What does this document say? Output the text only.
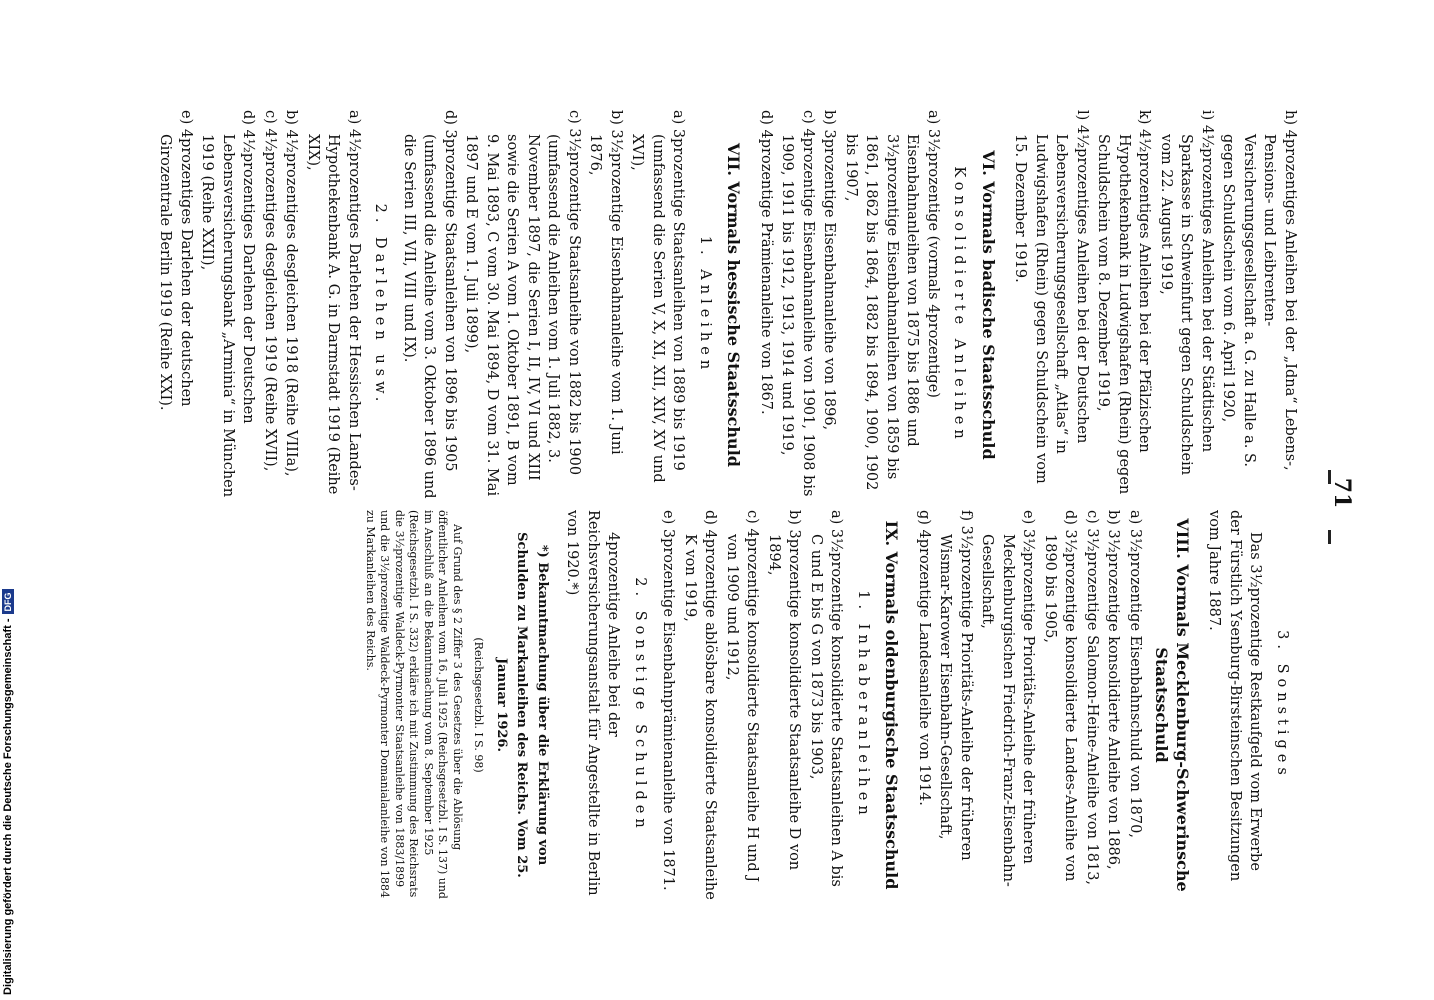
71

h) 4prozentiges Anleihen bei der „Idna“ Lebens-, Pensions- und Leibrenten-Versicherungsgesellschaft a. G. zu Halle a. S. gegen Schuldschein vom 6. April 1920,

i) 4½prozentiges Anleihen bei der Städtischen Sparkasse in Schweinfurt gegen Schuldschein vom 22. August 1919,

k) 4½prozentiges Anleihen bei der Pfälzischen Hypothekenbank in Ludwigshafen (Rhein) gegen Schuldschein vom 8. Dezember 1919,

l) 4½prozentiges Anleihen bei der Deutschen Lebensversicherungsgesellschaft „Atlas“ in Ludwigshafen (Rhein) gegen Schuldschein vom 15. Dezember 1919.

VI. Vormals badische Staatsschuld
Konsolidierte Anleihen

a) 3½prozentige (vormals 4prozentige) Eisenbahnanleihen von 1875 bis 1886 und 3½prozentige Eisenbahnanleihen von 1859 bis 1861, 1862 bis 1864, 1882 bis 1894, 1900, 1902 bis 1907,

b) 3prozentige Eisenbahnanleihe von 1896,

c) 4prozentige Eisenbahnanleihe von 1901, 1908 bis 1909, 1911 bis 1912, 1913, 1914 und 1919,

d) 4prozentige Prämienanleihe von 1867.

VII. Vormals hessische Staatsschuld
1. Anleihen

a) 3prozentige Staatsanleihen von 1889 bis 1919 (umfassend die Serien V, X, XI, XII, XIV, XV und XVI),

b) 3½prozentige Eisenbahnanleihe vom 1. Juni 1876,

c) 3½prozentige Staatsanleihe von 1882 bis 1900 (umfassend die Anleihen vom 1. Juli 1882, 3. November 1897, die Serien I, II, IV, VI und XIII sowie die Serien A vom 1. Oktober 1891, B vom 9. Mai 1893, C vom 30. Mai 1894, D vom 31. Mai 1897 und E vom 1. Juli 1899),

d) 3prozentige Staatsanleihen von 1896 bis 1905 (umfassend die Anleihe vom 3. Oktober 1896 und die Serien III, VII, VIII und IX).

2. Darlehen usw.

a) 4½prozentiges Darlehen der Hessischen Landes-Hypothekenbank A. G. in Darmstadt 1919 (Reihe XIX),

b) 4½prozentiges desgleichen 1918 (Reihe VIIIa),

c) 4½prozentiges desgleichen 1919 (Reihe XVII),

d) 4½prozentiges Darlehen der Deutschen Lebensversicherungsbank „Arminia“ in München 1919 (Reihe XXII),

e) 4prozentiges Darlehen der deutschen Girozentrale Berlin 1919 (Reihe XXI).

3. Sonstiges

Das 3½prozentige Restkaufgeld vom Erwerbe der Fürstlich Ysenburg-Birsteinschen Besitzungen vom Jahre 1887.

VIII. Vormals Mecklenburg-Schwerinsche Staatsschuld

a) 3½prozentige Eisenbahnschuld von 1870,

b) 3½prozentige konsolidierte Anleihe von 1886,

c) 3½prozentige Salomon-Heine-Anleihe von 1813,

d) 3½prozentige konsolidierte Landes-Anleihe von 1890 bis 1905,

e) 3½prozentige Prioritäts-Anleihe der früheren Mecklenburgischen Friedrich-Franz-Eisenbahn-Gesellschaft,

f) 3½prozentige Prioritäts-Anleihe der früheren Wismar-Karower Eisenbahn-Gesellschaft,

g) 4prozentige Landesanleihe von 1914.

IX. Vormals oldenburgische Staatsschuld
1. Inhaberanleihen

a) 3½prozentige konsolidierte Staatsanleihen A bis C und E bis G von 1873 bis 1903,

b) 3prozentige konsolidierte Staatsanleihe D von 1894,

c) 4prozentige konsolidierte Staatsanleihe H und J von 1909 und 1912,

d) 4prozentige ablösbare konsolidierte Staatsanleihe K von 1919,

e) 3prozentige Eisenbahnprämienanleihe von 1871.

2. Sonstige Schulden

4prozentige Anleihe bei der Reichsversicherungsanstalt für Angestellte in Berlin von 1920.*)

*) Bekanntmachung über die Erklärung von Schulden zu Markanleihen des Reichs. Vom 25. Januar 1926.
(Reichsgesetzbl. I S. 98)

Auf Grund des § 2 Ziffer 3 des Gesetzes über die Ablösung öffentlicher Anleihen vom 16. Juli 1925 (Reichsgesetzbl. I S. 137) und im Anschluß an die Bekanntmachung vom 8. September 1925 (Reichsgesetzbl. I S. 332) erkläre ich mit Zustimmung des Reichsrats die 3½prozentige Waldeck-Pyrmonter Staatsanleihe von 1883/1899 und die 3½prozentige Waldeck-Pyrmonter Domanialanleihe von 1884 zu Markanleihen des Reichs.

Digitalisierung gefördert durch die Deutsche Forschungsgemeinschaft -DFG
